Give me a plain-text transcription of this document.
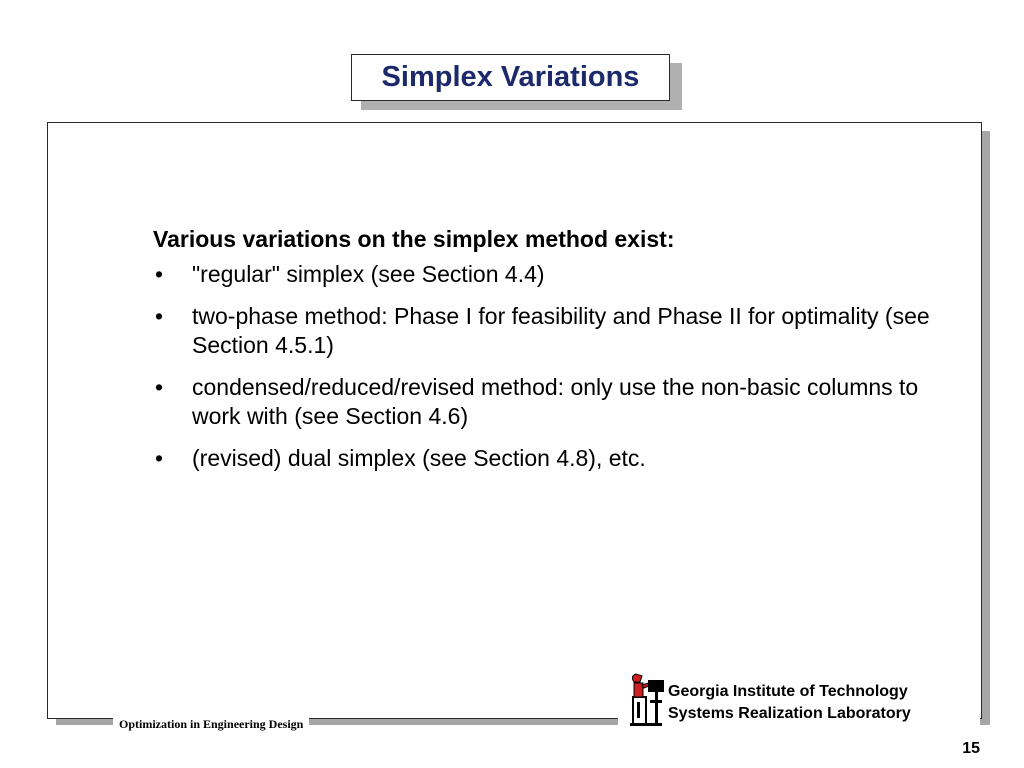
Simplex Variations
Various variations on the simplex method exist:
• "regular" simplex (see Section 4.4)
• two-phase method: Phase I for feasibility and Phase II for optimality (see Section 4.5.1)
• condensed/reduced/revised method: only use the non-basic columns to work with (see Section 4.6)
• (revised) dual simplex (see Section 4.8), etc.
Optimization in Engineering Design
Georgia Institute of Technology
Systems Realization Laboratory
15
